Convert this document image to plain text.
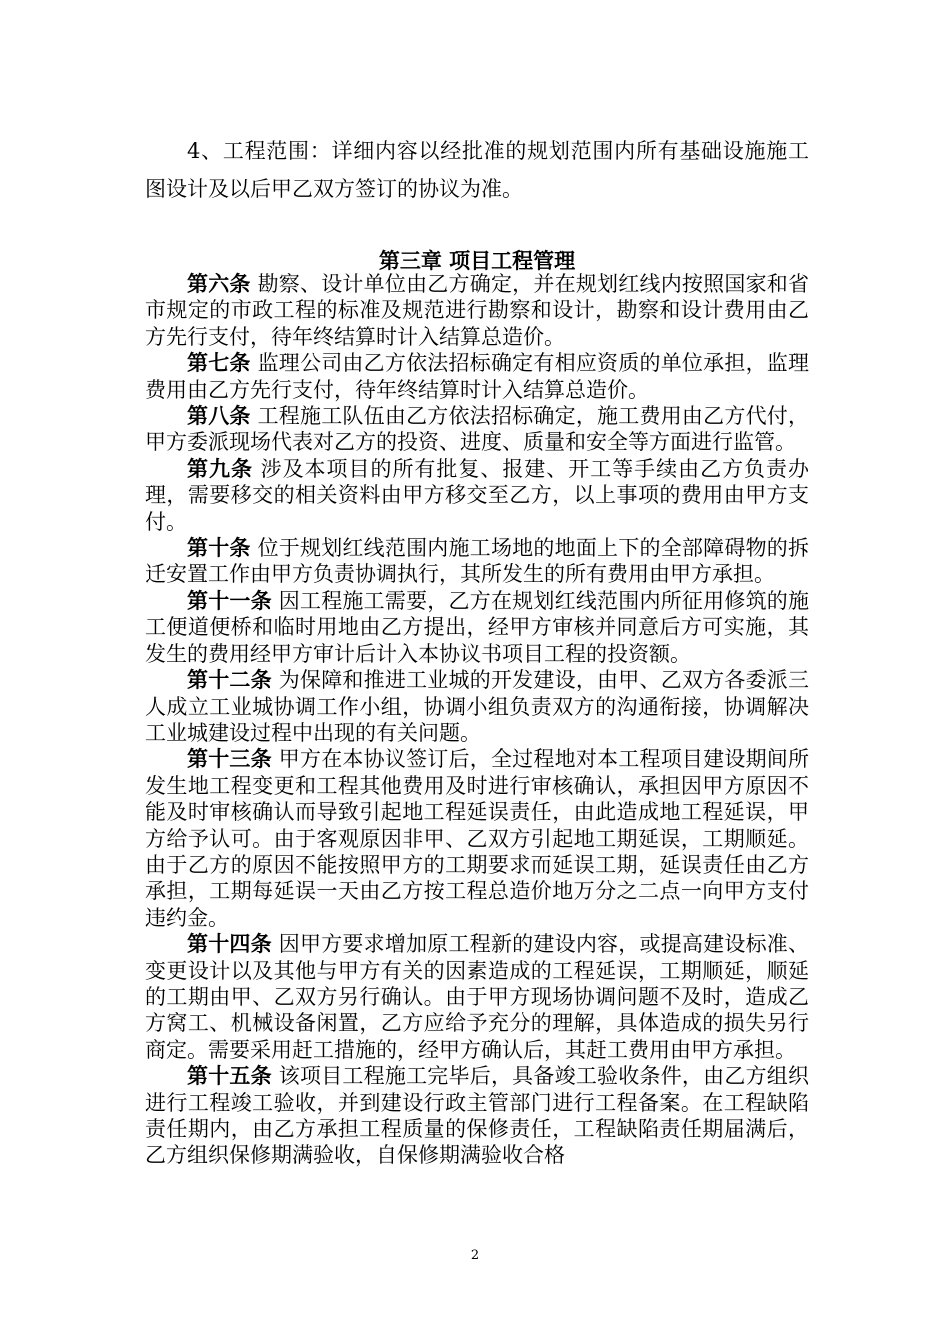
4、工程范围：详细内容以经批准的规划范围内所有基础设施施工图设计及以后甲乙双方签订的协议为准。

第三章 项目工程管理

第六条 勘察、设计单位由乙方确定，并在规划红线内按照国家和省市规定的市政工程的标准及规范进行勘察和设计，勘察和设计费用由乙方先行支付，待年终结算时计入结算总造价。

第七条 监理公司由乙方依法招标确定有相应资质的单位承担，监理费用由乙方先行支付，待年终结算时计入结算总造价。

第八条 工程施工队伍由乙方依法招标确定，施工费用由乙方代付，甲方委派现场代表对乙方的投资、进度、质量和安全等方面进行监管。

第九条 涉及本项目的所有批复、报建、开工等手续由乙方负责办理，需要移交的相关资料由甲方移交至乙方，以上事项的费用由甲方支付。

第十条 位于规划红线范围内施工场地的地面上下的全部障碍物的拆迁安置工作由甲方负责协调执行，其所发生的所有费用由甲方承担。

第十一条 因工程施工需要，乙方在规划红线范围内所征用修筑的施工便道便桥和临时用地由乙方提出，经甲方审核并同意后方可实施，其发生的费用经甲方审计后计入本协议书项目工程的投资额。

第十二条 为保障和推进工业城的开发建设，由甲、乙双方各委派三人成立工业城协调工作小组，协调小组负责双方的沟通衔接，协调解决工业城建设过程中出现的有关问题。

第十三条 甲方在本协议签订后，全过程地对本工程项目建设期间所发生地工程变更和工程其他费用及时进行审核确认，承担因甲方原因不能及时审核确认而导致引起地工程延误责任，由此造成地工程延误，甲方给予认可。由于客观原因非甲、乙双方引起地工期延误，工期顺延。由于乙方的原因不能按照甲方的工期要求而延误工期，延误责任由乙方承担，工期每延误一天由乙方按工程总造价地万分之二点一向甲方支付违约金。

第十四条 因甲方要求增加原工程新的建设内容，或提高建设标准、变更设计以及其他与甲方有关的因素造成的工程延误，工期顺延，顺延的工期由甲、乙双方另行确认。由于甲方现场协调问题不及时，造成乙方窝工、机械设备闲置，乙方应给予充分的理解，具体造成的损失另行商定。需要采用赶工措施的，经甲方确认后，其赶工费用由甲方承担。

第十五条 该项目工程施工完毕后，具备竣工验收条件，由乙方组织进行工程竣工验收，并到建设行政主管部门进行工程备案。在工程缺陷责任期内，由乙方承担工程质量的保修责任，工程缺陷责任期届满后，乙方组织保修期满验收，自保修期满验收合格

2
